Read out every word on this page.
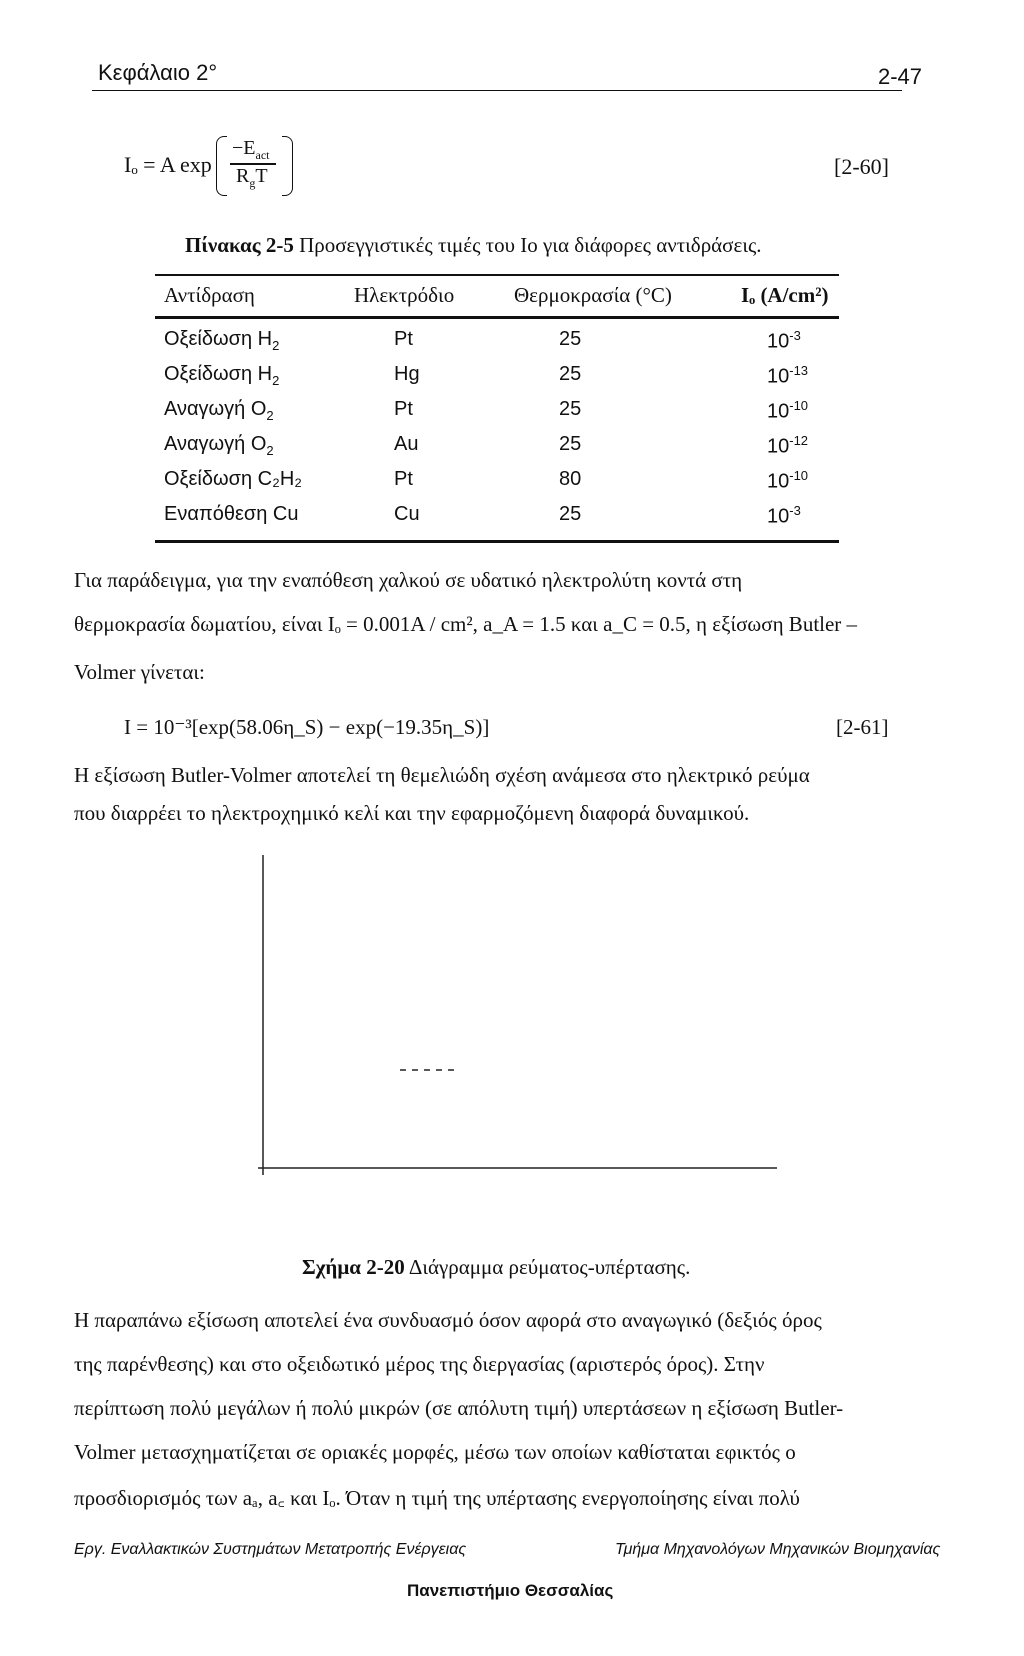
Κεφάλαιο 2°	2-47
Iₒ = A exp
$-E_{act}$
$R_gT$	[2-60]
Πίνακας 2-5 Προσεγγιστικές τιμές του Io για διάφορες αντιδράσεις.
Αντίδραση	Ηλεκτρόδιο	Θερμοκρασία (°C)	Iₒ (A/cm²)
Οξείδωση $H_2$	Pt	25	$10^{-3}$
Οξείδωση $H_2$	Hg	25	$10^{-13}$
Αναγωγή $O_2$	Pt	25	$10^{-10}$
Αναγωγή $O_2$	Au	25	$10^{-12}$
Οξείδωση C₂H₂	Pt	80	$10^{-10}$
Εναπόθεση Cu	Cu	25	$10^{-3}$
Για παράδειγμα, για την εναπόθεση χαλκού σε υδατικό ηλεκτρολύτη κοντά στη
θερμοκρασία δωματίου, είναι Iₒ = 0.001A / cm², a_A = 1.5 και a_C = 0.5, η εξίσωση Butler –
Volmer γίνεται:
I = 10⁻³[exp(58.06η_S) − exp(−19.35η_S)]	[2-61]
Η εξίσωση Butler-Volmer αποτελεί τη θεμελιώδη σχέση ανάμεσα στο ηλεκτρικό ρεύμα
που διαρρέει το ηλεκτροχημικό κελί και την εφαρμοζόμενη διαφορά δυναμικού.
Σχήμα 2-20 Διάγραμμα ρεύματος-υπέρτασης.
Η παραπάνω εξίσωση αποτελεί ένα συνδυασμό όσον αφορά στο αναγωγικό (δεξιός όρος
της παρένθεσης) και στο οξειδωτικό μέρος της διεργασίας (αριστερός όρος). Στην
περίπτωση πολύ μεγάλων ή πολύ μικρών (σε απόλυτη τιμή) υπερτάσεων η εξίσωση Butler-
Volmer μετασχηματίζεται σε οριακές μορφές, μέσω των οποίων καθίσταται εφικτός ο
προσδιορισμός των aₐ, a꜀ και Iₒ. Όταν η τιμή της υπέρτασης ενεργοποίησης είναι πολύ
Εργ. Εναλλακτικών Συστημάτων Μετατροπής Ενέργειας	Τμήμα Μηχανολόγων Μηχανικών Βιομηχανίας
Πανεπιστήμιο Θεσσαλίας
